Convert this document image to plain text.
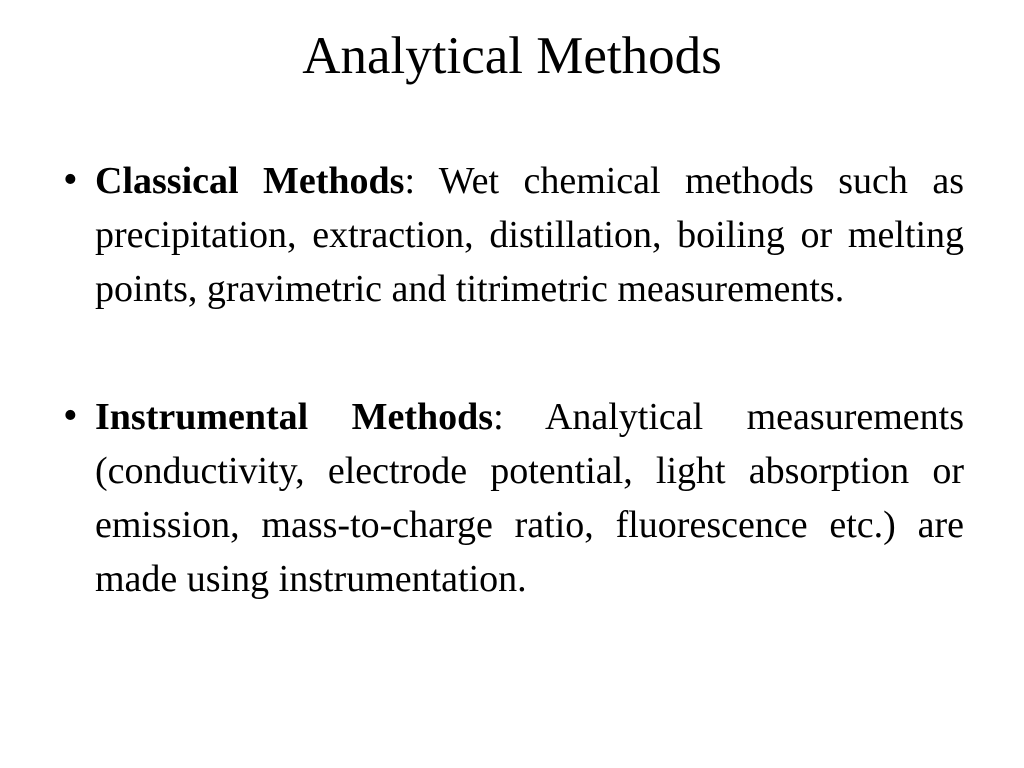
Analytical Methods
• Classical Methods: Wet chemical methods such as precipitation, extraction, distillation, boiling or melting points, gravimetric and titrimetric measurements.
• Instrumental Methods: Analytical measurements (conductivity, electrode potential, light absorption or emission, mass-to-charge ratio, fluorescence etc.) are made using instrumentation.
